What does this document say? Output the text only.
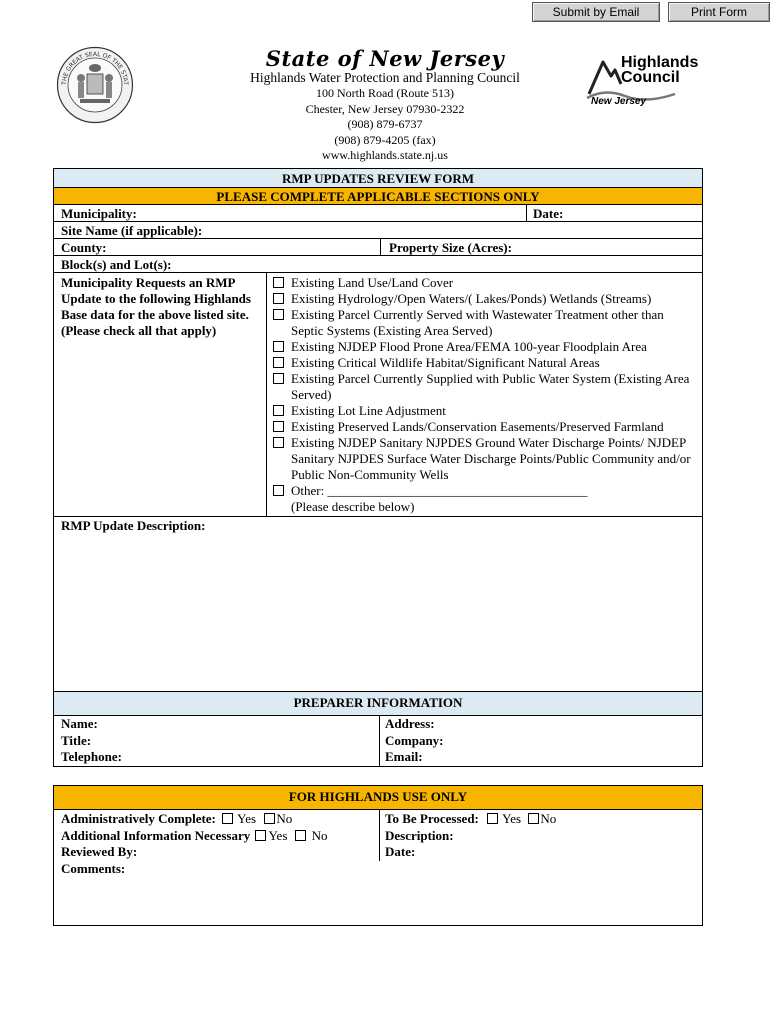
Submit by Email	Print Form
THE GREAT SEAL OF THE STAT
State of New Jersey
Highlands Water Protection and Planning Council
100 North Road (Route 513)
Chester, New Jersey 07930-2322
(908) 879-6737
(908) 879-4205 (fax)
www.highlands.state.nj.us
Highlands
Council
New Jersey
RMP UPDATES REVIEW FORM
PLEASE COMPLETE APPLICABLE SECTIONS ONLY
Municipality:	Date:
Site Name (if applicable):
County:	Property Size (Acres):
Block(s) and Lot(s):
Municipality Requests an RMP Update to the following Highlands Base data for the above listed site. (Please check all that apply)
Existing Land Use/Land Cover
Existing Hydrology/Open Waters/( Lakes/Ponds) Wetlands (Streams)
Existing Parcel Currently Served with Wastewater Treatment other than Septic Systems (Existing Area Served)
Existing NJDEP Flood Prone Area/FEMA 100-year Floodplain Area
Existing Critical Wildlife Habitat/Significant Natural Areas
Existing Parcel Currently Supplied with Public Water System (Existing Area Served)
Existing Lot Line Adjustment
Existing Preserved Lands/Conservation Easements/Preserved Farmland
Existing NJDEP Sanitary NJPDES Ground Water Discharge Points/ NJDEP Sanitary NJPDES Surface Water Discharge Points/Public Community and/or Public Non-Community Wells
Other: ________________________________________
(Please describe below)
RMP Update Description:
PREPARER INFORMATION
Name:
Title:
Telephone:
Address:
Company:
Email:
FOR HIGHLANDS USE ONLY
Administratively Complete: Yes No
Additional Information Necessary Yes No
Reviewed By:
Comments:
To Be Processed: Yes No
Description:
Date:
